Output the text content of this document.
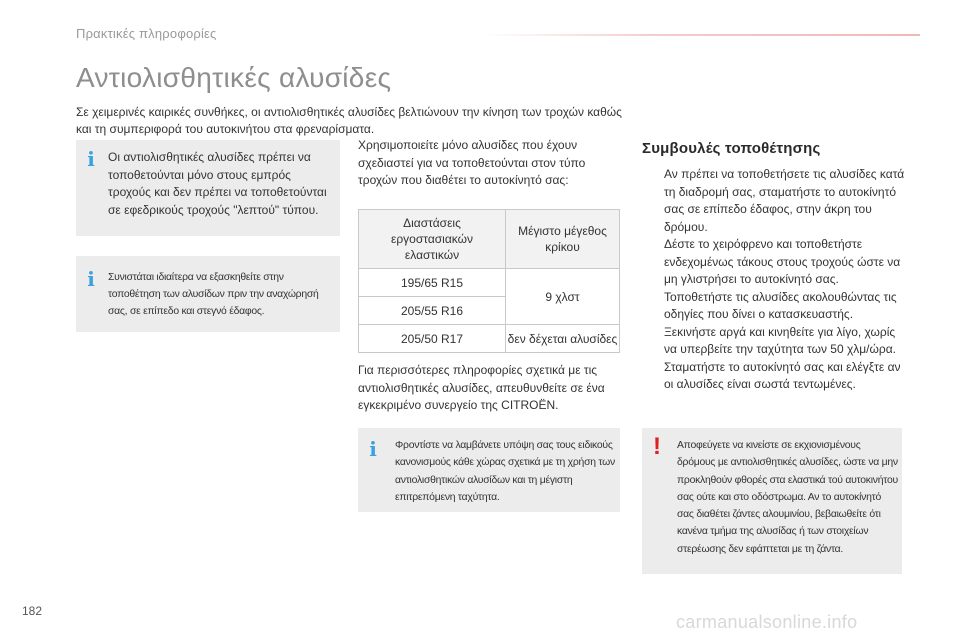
Πρακτικές πληροφορίες
Αντιολισθητικές αλυσίδες
Σε χειμερινές καιρικές συνθήκες, οι αντιολισθητικές αλυσίδες βελτιώνουν την κίνηση των τροχών καθώς και τη συμπεριφορά του αυτοκινήτου στα φρεναρίσματα.
i Οι αντιολισθητικές αλυσίδες πρέπει να τοποθετούνται μόνο στους εμπρός τροχούς και δεν πρέπει να τοποθετούνται σε εφεδρικούς τροχούς "λεπτού" τύπου.
i Συνιστάται ιδιαίτερα να εξασκηθείτε στην τοποθέτηση των αλυσίδων πριν την αναχώρησή σας, σε επίπεδο και στεγνό έδαφος.
Χρησιμοποιείτε μόνο αλυσίδες που έχουν σχεδιαστεί για να τοποθετούνται στον τύπο τροχών που διαθέτει το αυτοκίνητό σας:
Διαστάσεις εργοστασιακών ελαστικών	Μέγιστο μέγεθος κρίκου
195/65 R15	9 χλστ
205/55 R16	
205/50 R17	δεν δέχεται αλυσίδες
Για περισσότερες πληροφορίες σχετικά με τις αντιολισθητικές αλυσίδες, απευθυνθείτε σε ένα εγκεκριμένο συνεργείο της CITROËN.
i Φροντίστε να λαμβάνετε υπόψη σας τους ειδικούς κανονισμούς κάθε χώρας σχετικά με τη χρήση των αντιολισθητικών αλυσίδων και τη μέγιστη επιτρεπόμενη ταχύτητα.
Συμβουλές τοποθέτησης
Αν πρέπει να τοποθετήσετε τις αλυσίδες κατά τη διαδρομή σας, σταματήστε το αυτοκίνητό σας σε επίπεδο έδαφος, στην άκρη του δρόμου.
Δέστε το χειρόφρενο και τοποθετήστε ενδεχομένως τάκους στους τροχούς ώστε να μη γλιστρήσει το αυτοκίνητό σας.
Τοποθετήστε τις αλυσίδες ακολουθώντας τις οδηγίες που δίνει ο κατασκευαστής.
Ξεκινήστε αργά και κινηθείτε για λίγο, χωρίς να υπερβείτε την ταχύτητα των 50 χλμ/ώρα.
Σταματήστε το αυτοκίνητό σας και ελέγξτε αν οι αλυσίδες είναι σωστά τεντωμένες.
! Αποφεύγετε να κινείστε σε εκχιονισμένους δρόμους με αντιολισθητικές αλυσίδες, ώστε να μην προκληθούν φθορές στα ελαστικά τού αυτοκινήτου σας ούτε και στο οδόστρωμα. Αν το αυτοκίνητό σας διαθέτει ζάντες αλουμινίου, βεβαιωθείτε ότι κανένα τμήμα της αλυσίδας ή των στοιχείων στερέωσης δεν εφάπτεται με τη ζάντα.
182
carmanualsonline.info
